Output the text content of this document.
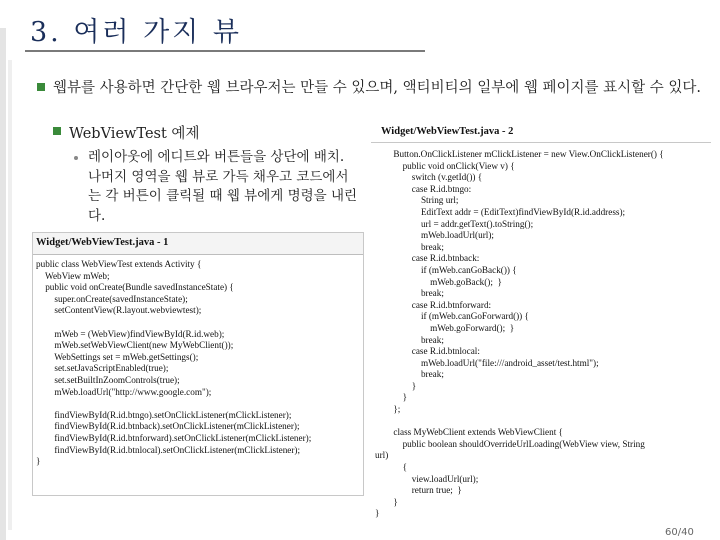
3. 여러 가지 뷰
웹뷰를 사용하면 간단한 웹 브라우저는 만들 수 있으며, 액티비티의 일부에 웹 페이지를 표시할 수 있다.
WebViewTest 예제
레이아웃에 에디트와 버튼들을 상단에 배치. 나머지 영역을 웹 뷰로 가득 채우고 코드에서는 각 버튼이 클릭될 때 웹 뷰에게 명령을 내린다.
Widget/WebViewTest.java - 1
public class WebViewTest extends Activity {
WebView mWeb;
public void onCreate(Bundle savedInstanceState) {
super.onCreate(savedInstanceState);
setContentView(R.layout.webviewtest);

mWeb = (WebView)findViewById(R.id.web);
mWeb.setWebViewClient(new MyWebClient());
WebSettings set = mWeb.getSettings();
set.setJavaScriptEnabled(true);
set.setBuiltInZoomControls(true);
mWeb.loadUrl("http://www.google.com");

findViewById(R.id.btngo).setOnClickListener(mClickListener);
findViewById(R.id.btnback).setOnClickListener(mClickListener);
findViewById(R.id.btnforward).setOnClickListener(mClickListener);
findViewById(R.id.btnlocal).setOnClickListener(mClickListener);
}
Widget/WebViewTest.java - 2
Button.OnClickListener mClickListener = new View.OnClickListener() {
public void onClick(View v) {
switch (v.getId()) {
case R.id.btngo:
String url;
EditText addr = (EditText)findViewById(R.id.address);
url = addr.getText().toString();
mWeb.loadUrl(url);
break;
case R.id.btnback:
if (mWeb.canGoBack()) {
mWeb.goBack();  }
break;
case R.id.btnforward:
if (mWeb.canGoForward()) {
mWeb.goForward();  }
break;
case R.id.btnlocal:
mWeb.loadUrl("file:///android_asset/test.html");
break;
}
}
};

class MyWebClient extends WebViewClient {
public boolean shouldOverrideUrlLoading(WebView view, String
url)
{
view.loadUrl(url);
return true;  }
}
}
60/40
